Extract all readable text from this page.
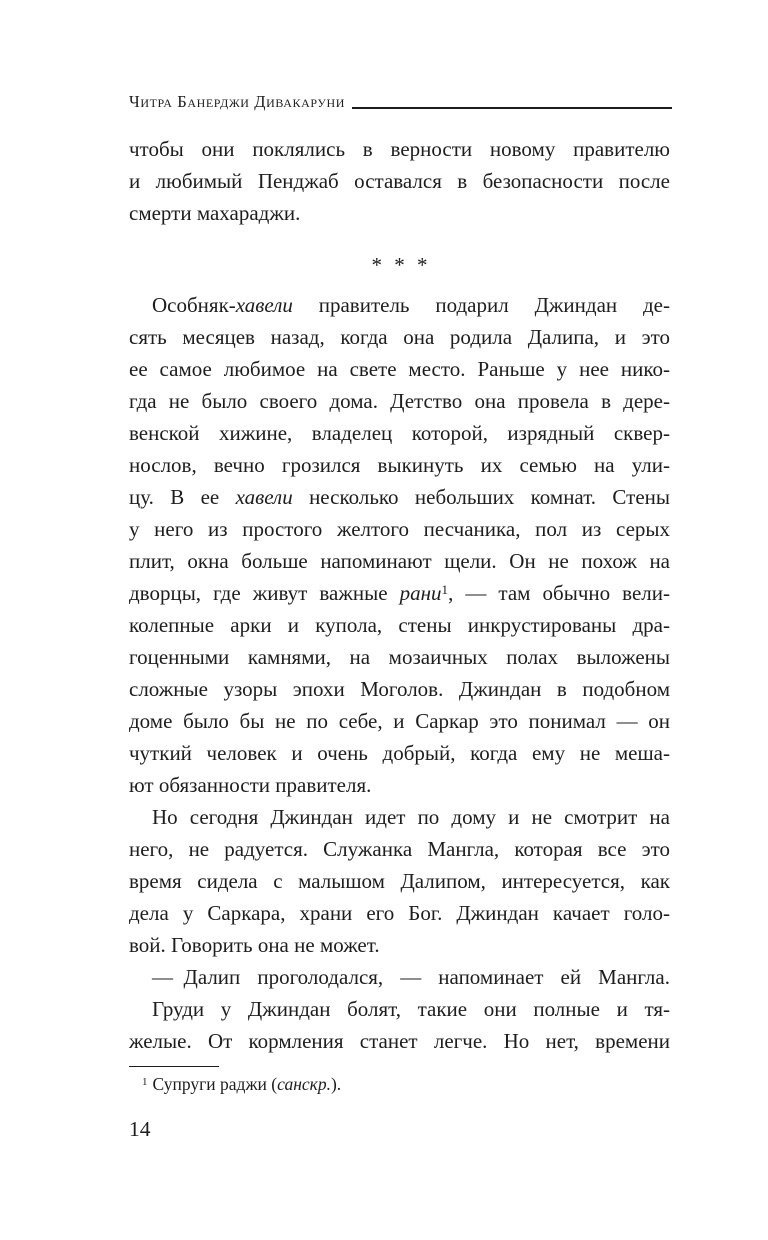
Читра Банерджи Дивакаруни
чтобы они поклялись в верности новому правителю
и любимый Пенджаб оставался в безопасности после
смерти махараджи.
* * *
Особняк-хавели правитель подарил Джиндан де-
сять месяцев назад, когда она родила Далипа, и это
ее самое любимое на свете место. Раньше у нее нико-
гда не было своего дома. Детство она провела в дере-
венской хижине, владелец которой, изрядный сквер-
нослов, вечно грозился выкинуть их семью на ули-
цу. В ее хавели несколько небольших комнат. Стены
у него из простого желтого песчаника, пол из серых
плит, окна больше напоминают щели. Он не похож на
дворцы, где живут важные рани$^1$, — там обычно вели-
колепные арки и купола, стены инкрустированы дра-
гоценными камнями, на мозаичных полах выложены
сложные узоры эпохи Моголов. Джиндан в подобном
доме было бы не по себе, и Саркар это понимал — он
чуткий человек и очень добрый, когда ему не меша-
ют обязанности правителя.
Но сегодня Джиндан идет по дому и не смотрит на
него, не радуется. Служанка Мангла, которая все это
время сидела с малышом Далипом, интересуется, как
дела у Саркара, храни его Бог. Джиндан качает голо-
вой. Говорить она не может.
— Далип проголодался, — напоминает ей Мангла.
Груди у Джиндан болят, такие они полные и тя-
желые. От кормления станет легче. Но нет, времени
$^1$ Супруги раджи (санскр.).
14
